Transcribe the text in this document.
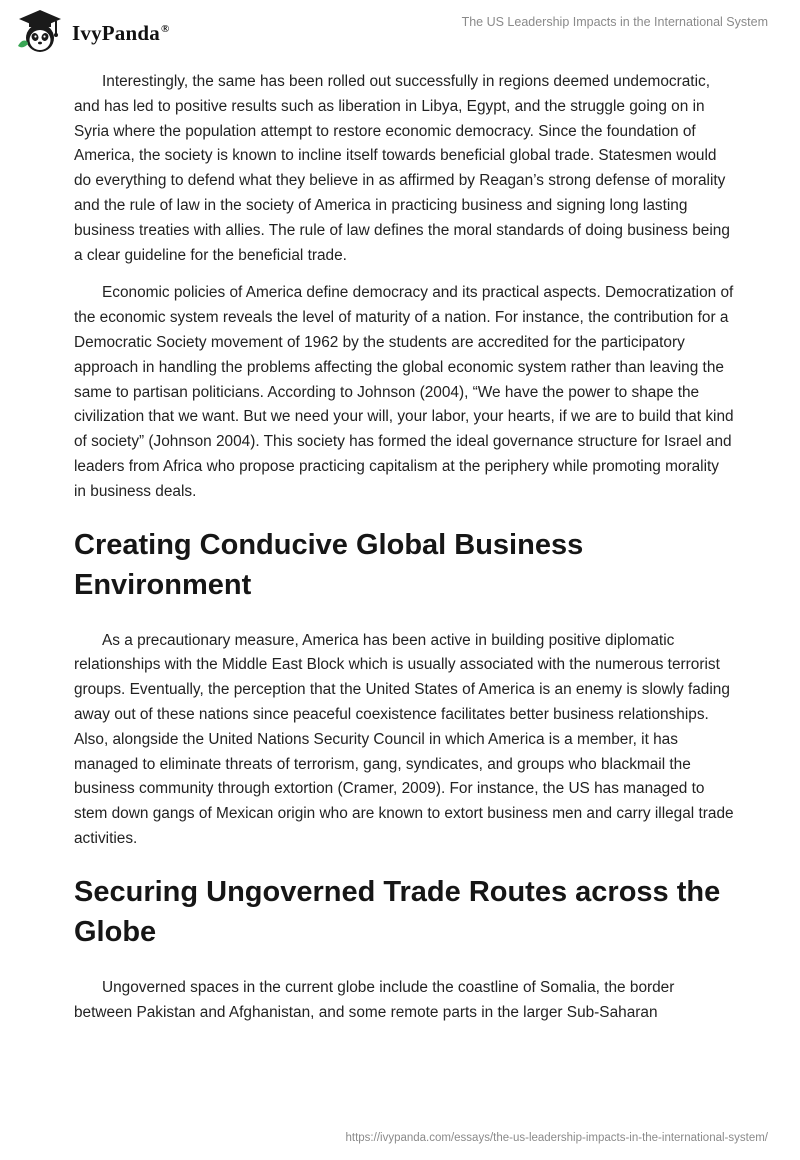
IvyPanda®	The US Leadership Impacts in the International System

Interestingly, the same has been rolled out successfully in regions deemed undemocratic, and has led to positive results such as liberation in Libya, Egypt, and the struggle going on in Syria where the population attempt to restore economic democracy. Since the foundation of America, the society is known to incline itself towards beneficial global trade. Statesmen would do everything to defend what they believe in as affirmed by Reagan’s strong defense of morality and the rule of law in the society of America in practicing business and signing long lasting business treaties with allies. The rule of law defines the moral standards of doing business being a clear guideline for the beneficial trade.

Economic policies of America define democracy and its practical aspects. Democratization of the economic system reveals the level of maturity of a nation. For instance, the contribution for a Democratic Society movement of 1962 by the students are accredited for the participatory approach in handling the problems affecting the global economic system rather than leaving the same to partisan politicians. According to Johnson (2004), “We have the power to shape the civilization that we want. But we need your will, your labor, your hearts, if we are to build that kind of society” (Johnson 2004). This society has formed the ideal governance structure for Israel and leaders from Africa who propose practicing capitalism at the periphery while promoting morality in business deals.

Creating Conducive Global Business Environment

As a precautionary measure, America has been active in building positive diplomatic relationships with the Middle East Block which is usually associated with the numerous terrorist groups. Eventually, the perception that the United States of America is an enemy is slowly fading away out of these nations since peaceful coexistence facilitates better business relationships. Also, alongside the United Nations Security Council in which America is a member, it has managed to eliminate threats of terrorism, gang, syndicates, and groups who blackmail the business community through extortion (Cramer, 2009). For instance, the US has managed to stem down gangs of Mexican origin who are known to extort business men and carry illegal trade activities.

Securing Ungoverned Trade Routes across the Globe

Ungoverned spaces in the current globe include the coastline of Somalia, the border between Pakistan and Afghanistan, and some remote parts in the larger Sub-Saharan

https://ivypanda.com/essays/the-us-leadership-impacts-in-the-international-system/
